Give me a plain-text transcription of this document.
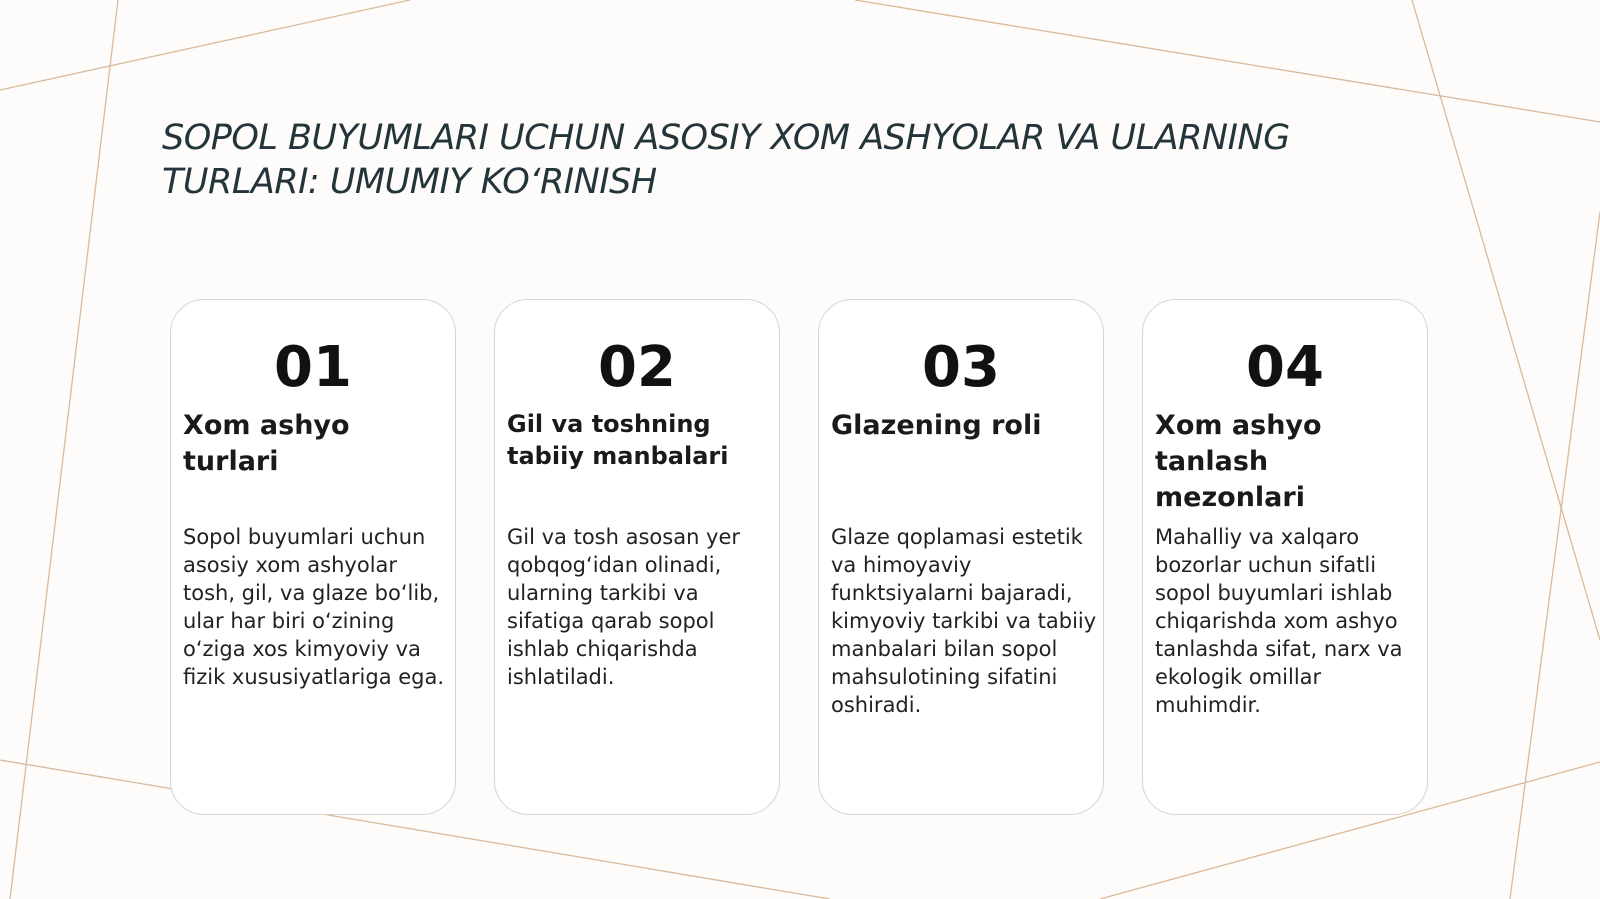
SOPOL BUYUMLARI UCHUN ASOSIY XOM ASHYOLAR VA ULARNING TURLARI: UMUMIY KO‘RINISH
01
Xom ashyo turlari
Sopol buyumlari uchun asosiy xom ashyolar tosh, gil, va glaze bo‘lib, ular har biri o‘zining o‘ziga xos kimyoviy va fizik xususiyatlariga ega.
02
Gil va toshning tabiiy manbalari
Gil va tosh asosan yer qobqog‘idan olinadi, ularning tarkibi va sifatiga qarab sopol ishlab chiqarishda ishlatiladi.
03
Glazening roli
Glaze qoplamasi estetik va himoyaviy funktsiyalarni bajaradi, kimyoviy tarkibi va tabiiy manbalari bilan sopol mahsulotining sifatini oshiradi.
04
Xom ashyo tanlash mezonlari
Mahalliy va xalqaro bozorlar uchun sifatli sopol buyumlari ishlab chiqarishda xom ashyo tanlashda sifat, narx va ekologik omillar muhimdir.
